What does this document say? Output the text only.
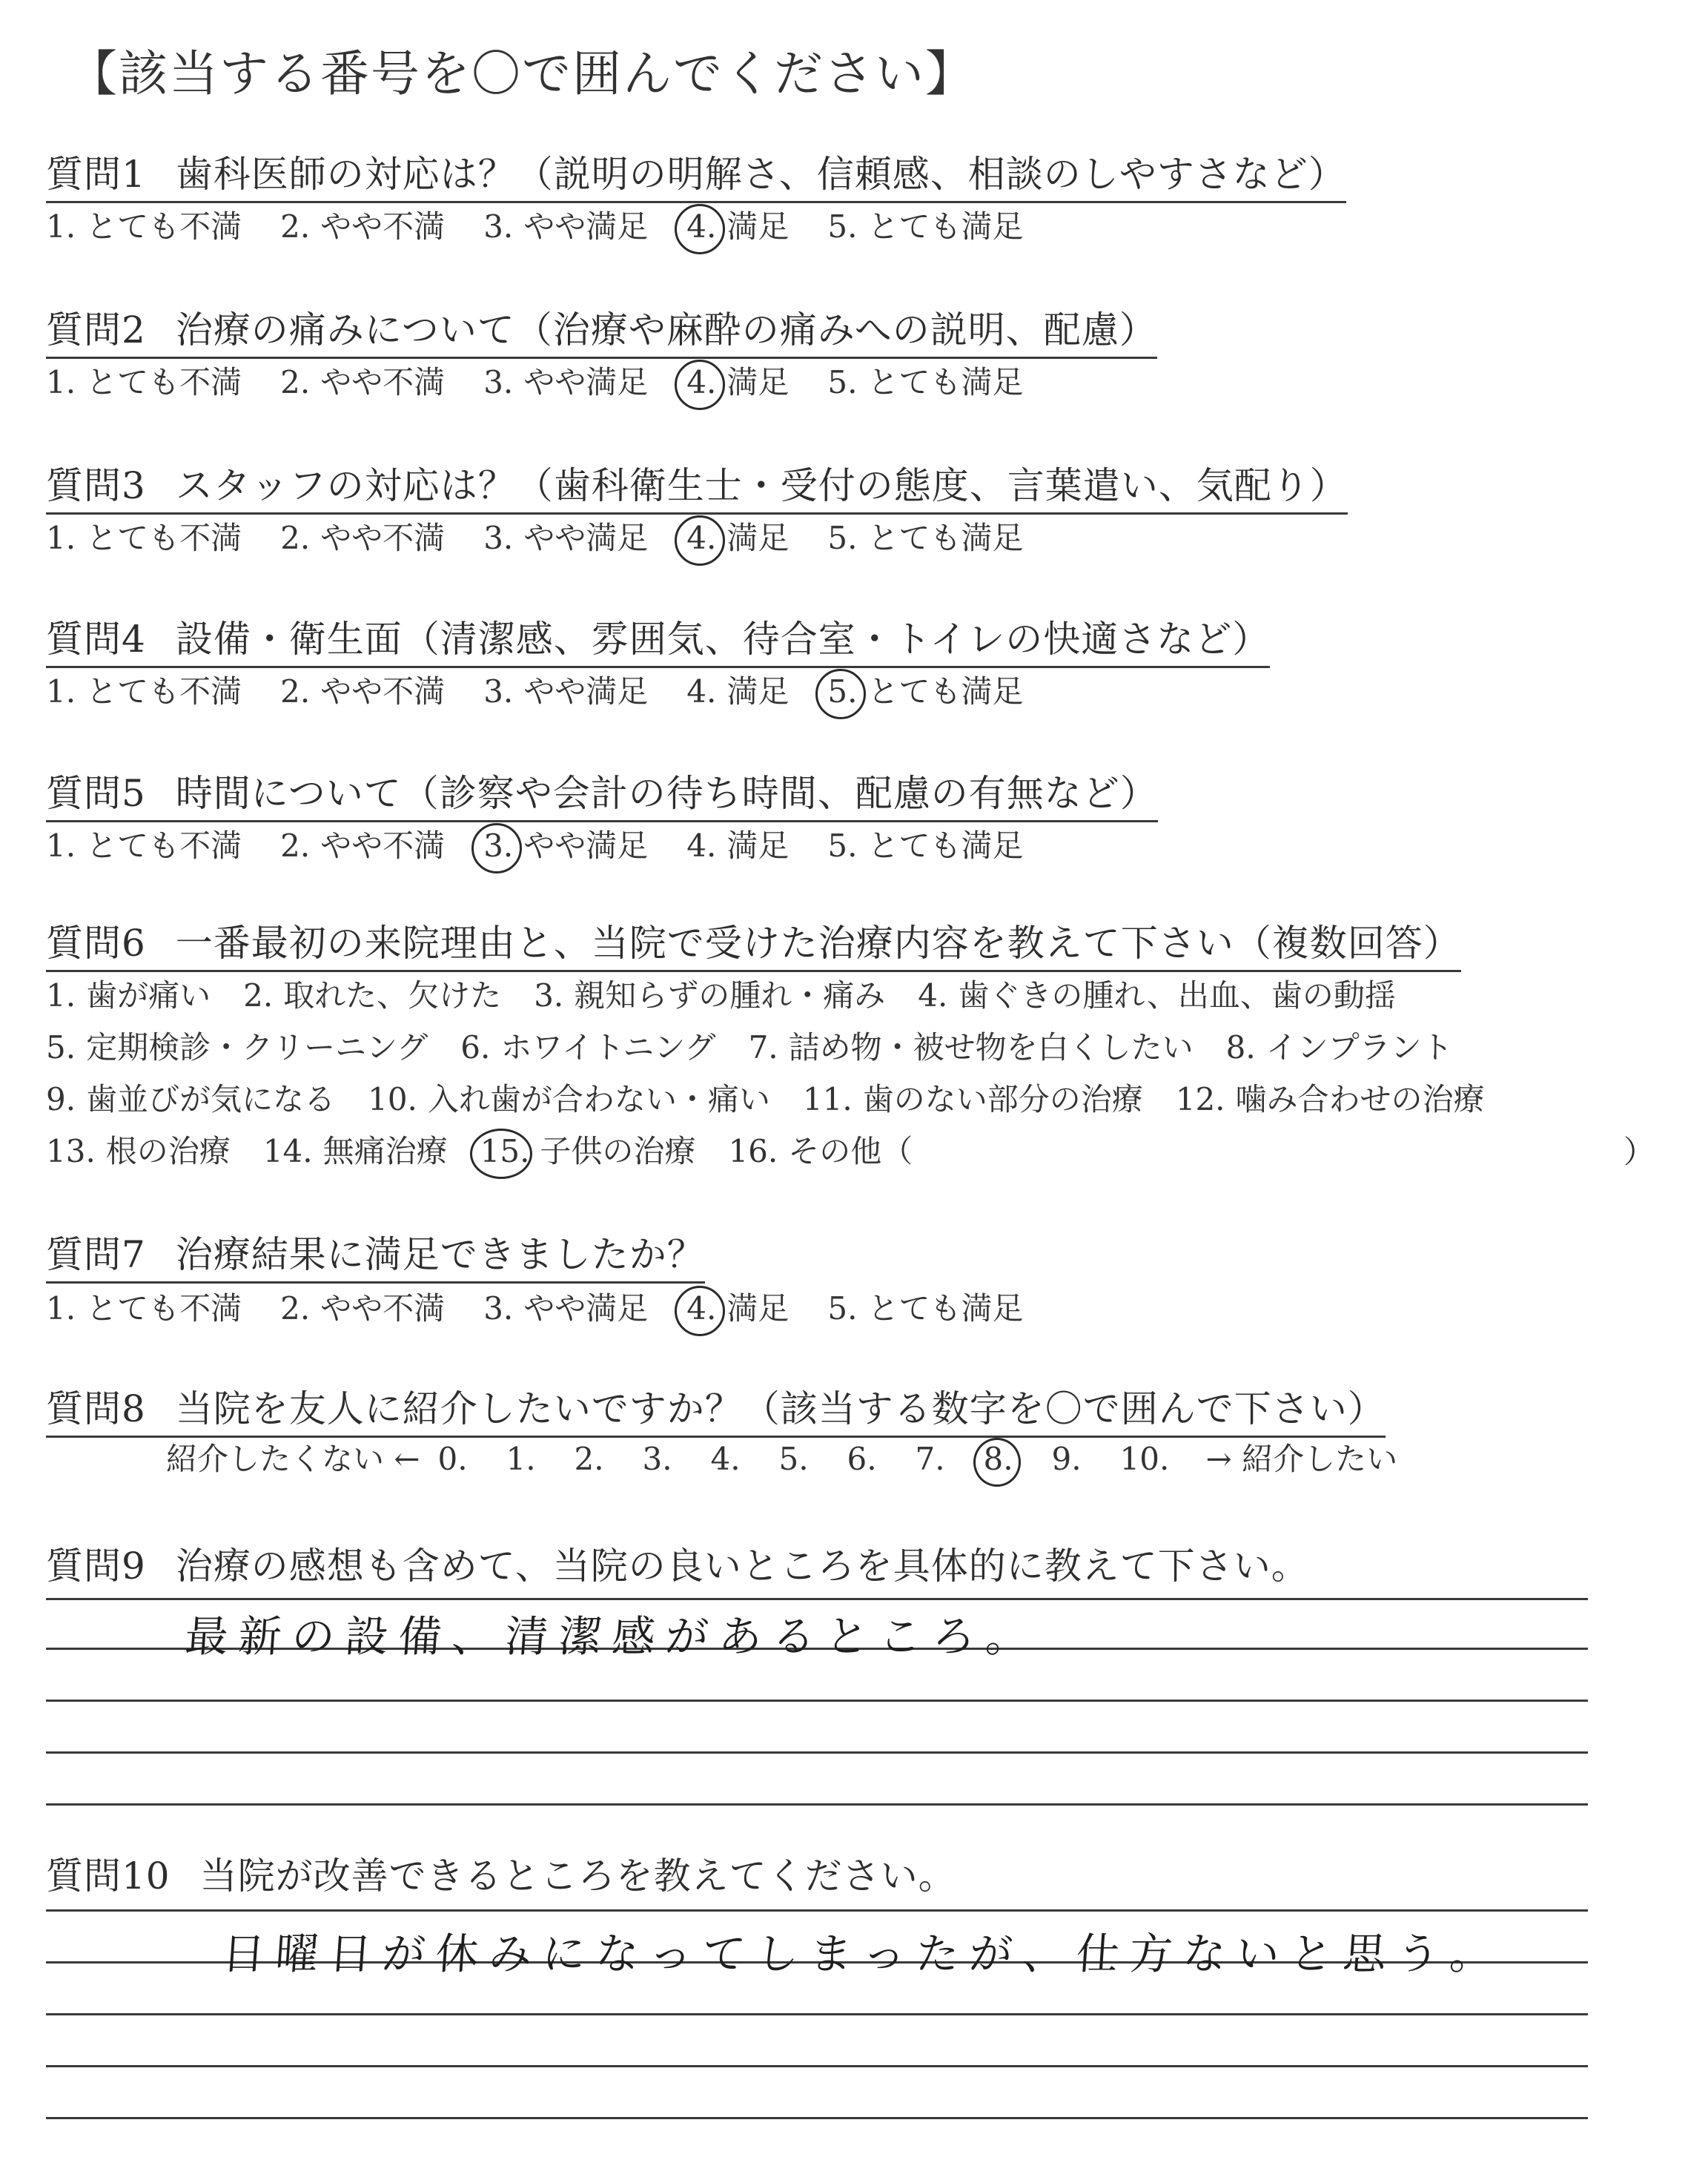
【該当する番号を〇で囲んでください】
質問1 歯科医師の対応は？（説明の明解さ、信頼感、相談のしやすさなど）
1. とても不満 2. やや不満 3. やや満足 4. 満足 5. とても満足
質問2 治療の痛みについて（治療や麻酔の痛みへの説明、配慮）
1. とても不満 2. やや不満 3. やや満足 4. 満足 5. とても満足
質問3 スタッフの対応は？（歯科衛生士・受付の態度、言葉遣い、気配り）
1. とても不満 2. やや不満 3. やや満足 4. 満足 5. とても満足
質問4 設備・衛生面（清潔感、雰囲気、待合室・トイレの快適さなど）
1. とても不満 2. やや不満 3. やや満足 4. 満足 5. とても満足
質問5 時間について（診察や会計の待ち時間、配慮の有無など）
1. とても不満 2. やや不満 3. やや満足 4. 満足 5. とても満足
質問6 一番最初の来院理由と、当院で受けた治療内容を教えて下さい（複数回答）
1. 歯が痛い 2. 取れた、欠けた 3. 親知らずの腫れ・痛み 4. 歯ぐきの腫れ、出血、歯の動揺
5. 定期検診・クリーニング 6. ホワイトニング 7. 詰め物・被せ物を白くしたい 8. インプラント
9. 歯並びが気になる 10. 入れ歯が合わない・痛い 11. 歯のない部分の治療 12. 噛み合わせの治療
13. 根の治療 14. 無痛治療 15. 子供の治療 16. その他（	）
質問7 治療結果に満足できましたか？
1. とても不満 2. やや不満 3. やや満足 4. 満足 5. とても満足
質問8 当院を友人に紹介したいですか？（該当する数字を〇で囲んで下さい）
紹介したくない ← 0. 1. 2. 3. 4. 5. 6. 7. 8. 9. 10. → 紹介したい
質問9 治療の感想も含めて、当院の良いところを具体的に教えて下さい。
最新の設備、清潔感があるところ。
質問10 当院が改善できるところを教えてください。
日曜日が休みになってしまったが、仕方ないと思う。
